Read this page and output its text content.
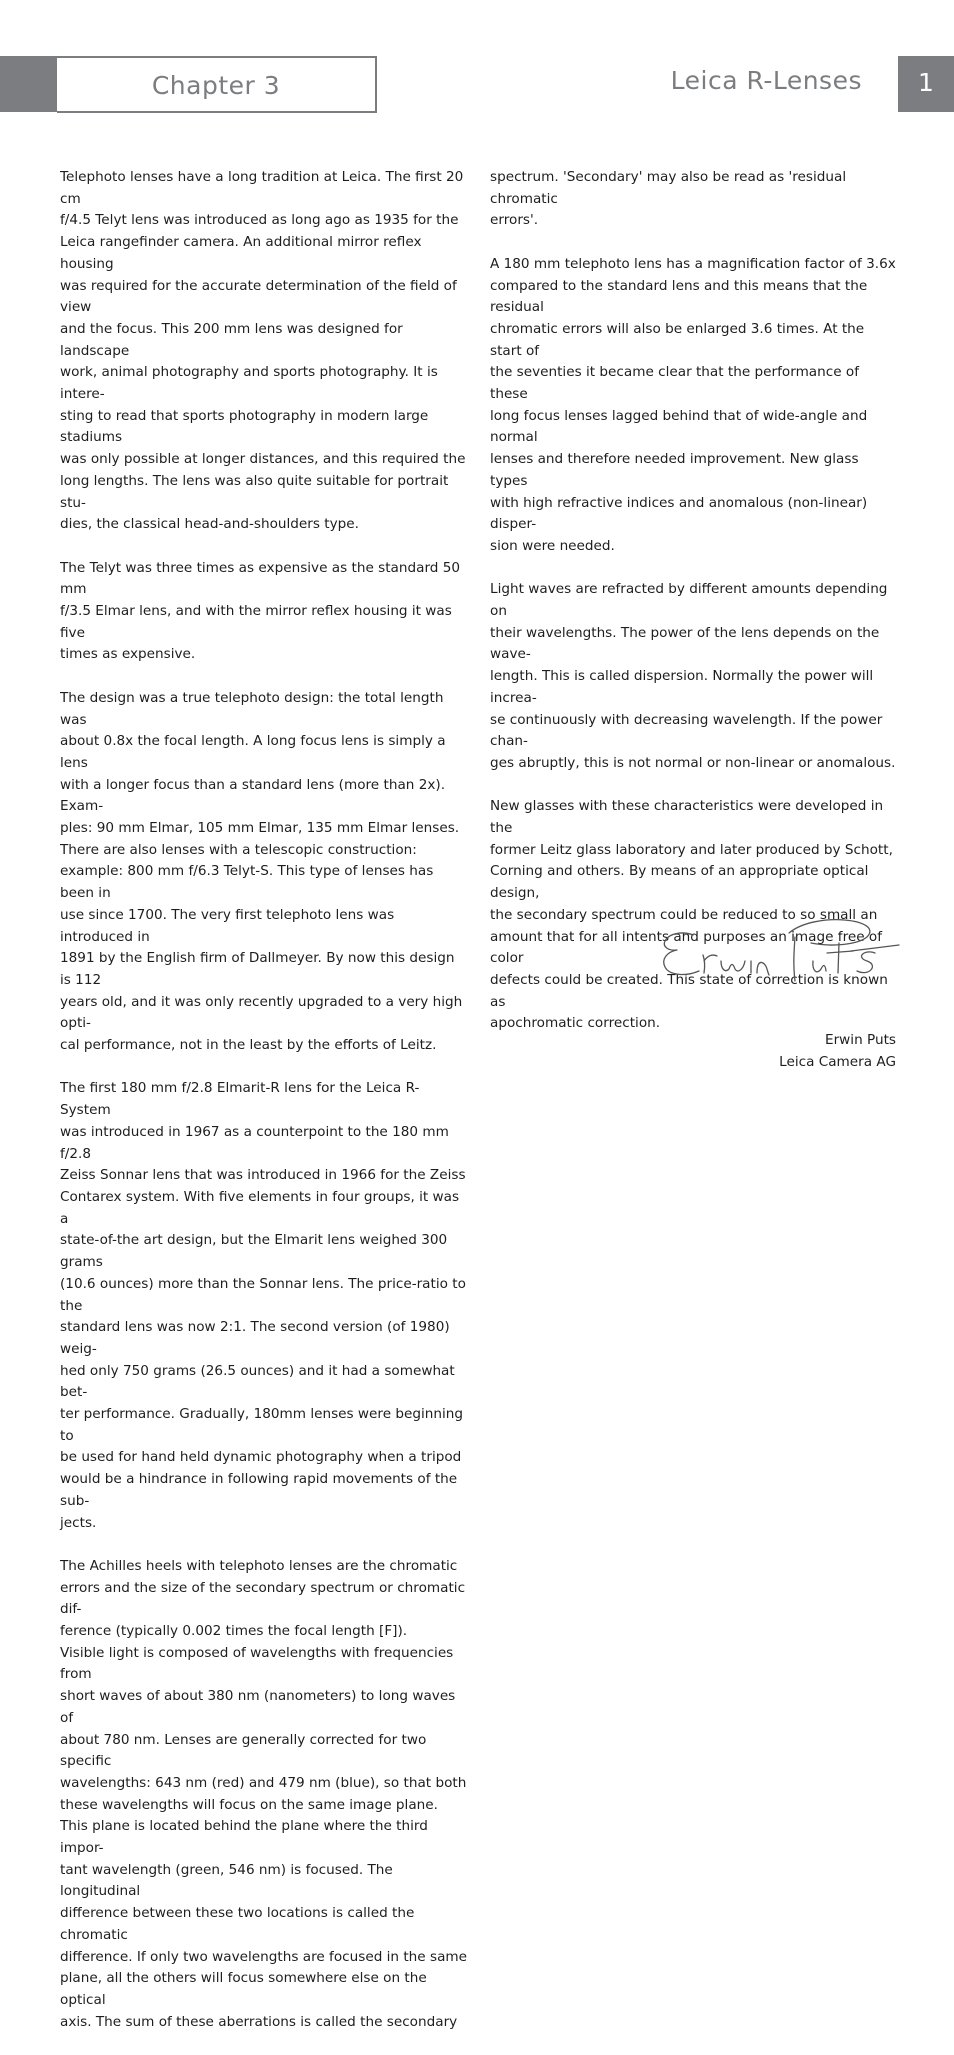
Chapter 3	Leica R-Lenses	1

Telephoto lenses have a long tradition at Leica. The first 20 cm
f/4.5 Telyt lens was introduced as long ago as 1935 for the
Leica rangefinder camera. An additional mirror reflex housing
was required for the accurate determination of the field of view
and the focus. This 200 mm lens was designed for landscape
work, animal photography and sports photography. It is intere-
sting to read that sports photography in modern large stadiums
was only possible at longer distances, and this required the
long lengths. The lens was also quite suitable for portrait stu-
dies, the classical head-and-shoulders type.

The Telyt was three times as expensive as the standard 50 mm
f/3.5 Elmar lens, and with the mirror reflex housing it was five
times as expensive.

The design was a true telephoto design: the total length was
about 0.8x the focal length. A long focus lens is simply a lens
with a longer focus than a standard lens (more than 2x). Exam-
ples: 90 mm Elmar, 105 mm Elmar, 135 mm Elmar lenses.
There are also lenses with a telescopic construction:
example: 800 mm f/6.3 Telyt-S. This type of lenses has been in
use since 1700. The very first telephoto lens was introduced in
1891 by the English firm of Dallmeyer. By now this design is 112
years old, and it was only recently upgraded to a very high opti-
cal performance, not in the least by the efforts of Leitz.

The first 180 mm f/2.8 Elmarit-R lens for the Leica R-System
was introduced in 1967 as a counterpoint to the 180 mm f/2.8
Zeiss Sonnar lens that was introduced in 1966 for the Zeiss
Contarex system. With five elements in four groups, it was a
state-of-the art design, but the Elmarit lens weighed 300 grams
(10.6 ounces) more than the Sonnar lens. The price-ratio to the
standard lens was now 2:1. The second version (of 1980) weig-
hed only 750 grams (26.5 ounces) and it had a somewhat bet-
ter performance. Gradually, 180mm lenses were beginning to
be used for hand held dynamic photography when a tripod
would be a hindrance in following rapid movements of the sub-
jects.

The Achilles heels with telephoto lenses are the chromatic
errors and the size of the secondary spectrum or chromatic dif-
ference (typically 0.002 times the focal length [F]).
Visible light is composed of wavelengths with frequencies from
short waves of about 380 nm (nanometers) to long waves of
about 780 nm. Lenses are generally corrected for two specific
wavelengths: 643 nm (red) and 479 nm (blue), so that both
these wavelengths will focus on the same image plane.
This plane is located behind the plane where the third impor-
tant wavelength (green, 546 nm) is focused. The longitudinal
difference between these two locations is called the chromatic
difference. If only two wavelengths are focused in the same
plane, all the others will focus somewhere else on the optical
axis. The sum of these aberrations is called the secondary

spectrum. 'Secondary' may also be read as 'residual chromatic
errors'.

A 180 mm telephoto lens has a magnification factor of 3.6x
compared to the standard lens and this means that the residual
chromatic errors will also be enlarged 3.6 times. At the start of
the seventies it became clear that the performance of these
long focus lenses lagged behind that of wide-angle and normal
lenses and therefore needed improvement. New glass types
with high refractive indices and anomalous (non-linear) disper-
sion were needed.

Light waves are refracted by different amounts depending on
their wavelengths. The power of the lens depends on the wave-
length. This is called dispersion. Normally the power will increa-
se continuously with decreasing wavelength. If the power chan-
ges abruptly, this is not normal or non-linear or anomalous.

New glasses with these characteristics were developed in the
former Leitz glass laboratory and later produced by Schott,
Corning and others. By means of an appropriate optical design,
the secondary spectrum could be reduced to so small an
amount that for all intents and purposes an image free of color
defects could be created. This state of correction is known as
apochromatic correction.

Erwin Puts
Leica Camera AG
